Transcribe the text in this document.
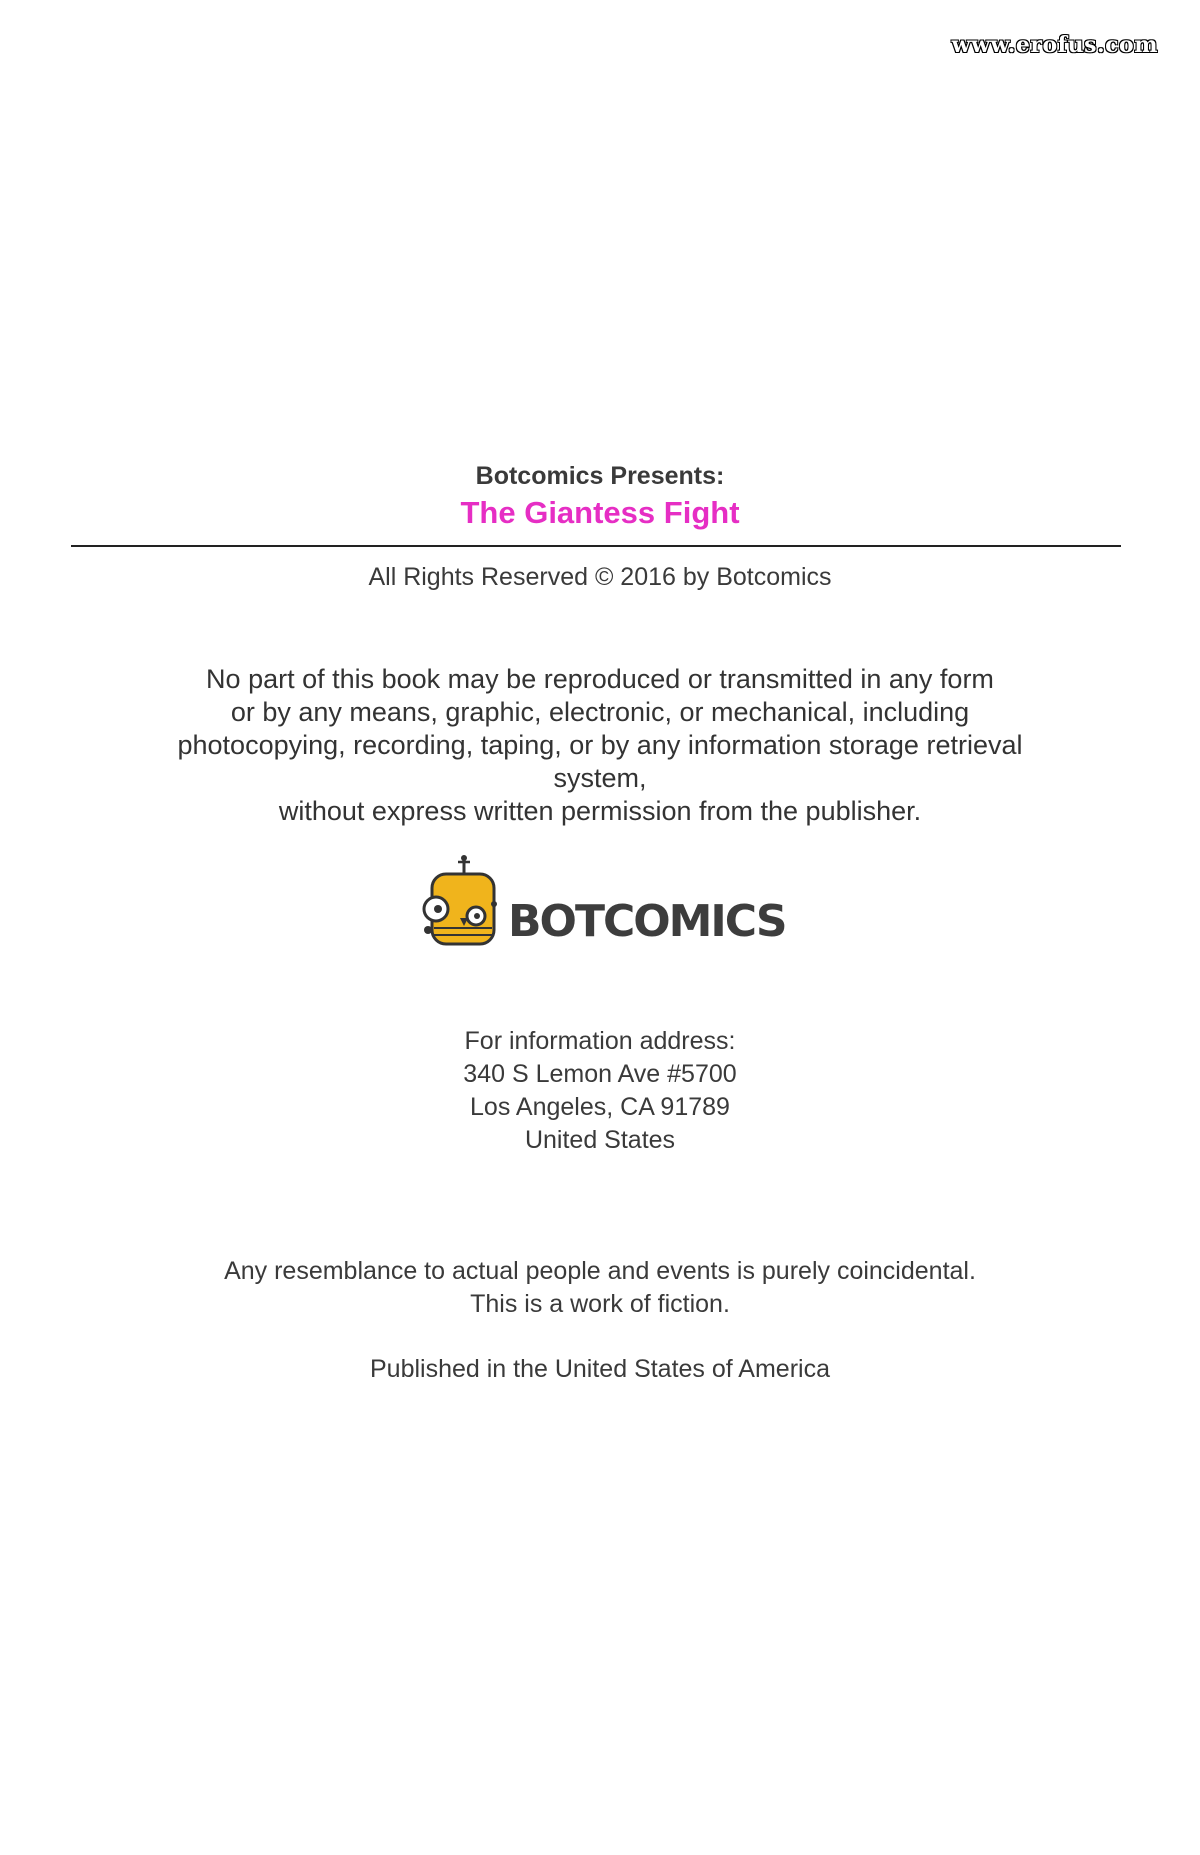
www.erofus.com
Botcomics Presents:
The Giantess Fight
All Rights Reserved © 2016 by Botcomics
No part of this book may be reproduced or transmitted in any form
or by any means, graphic, electronic, or mechanical, including
photocopying, recording, taping, or by any information storage retrieval
system,
without express written permission from the publisher.
BOTCOMICS
For information address:
340 S Lemon Ave #5700
Los Angeles, CA 91789
United States
Any resemblance to actual people and events is purely coincidental.
This is a work of fiction.
Published in the United States of America
